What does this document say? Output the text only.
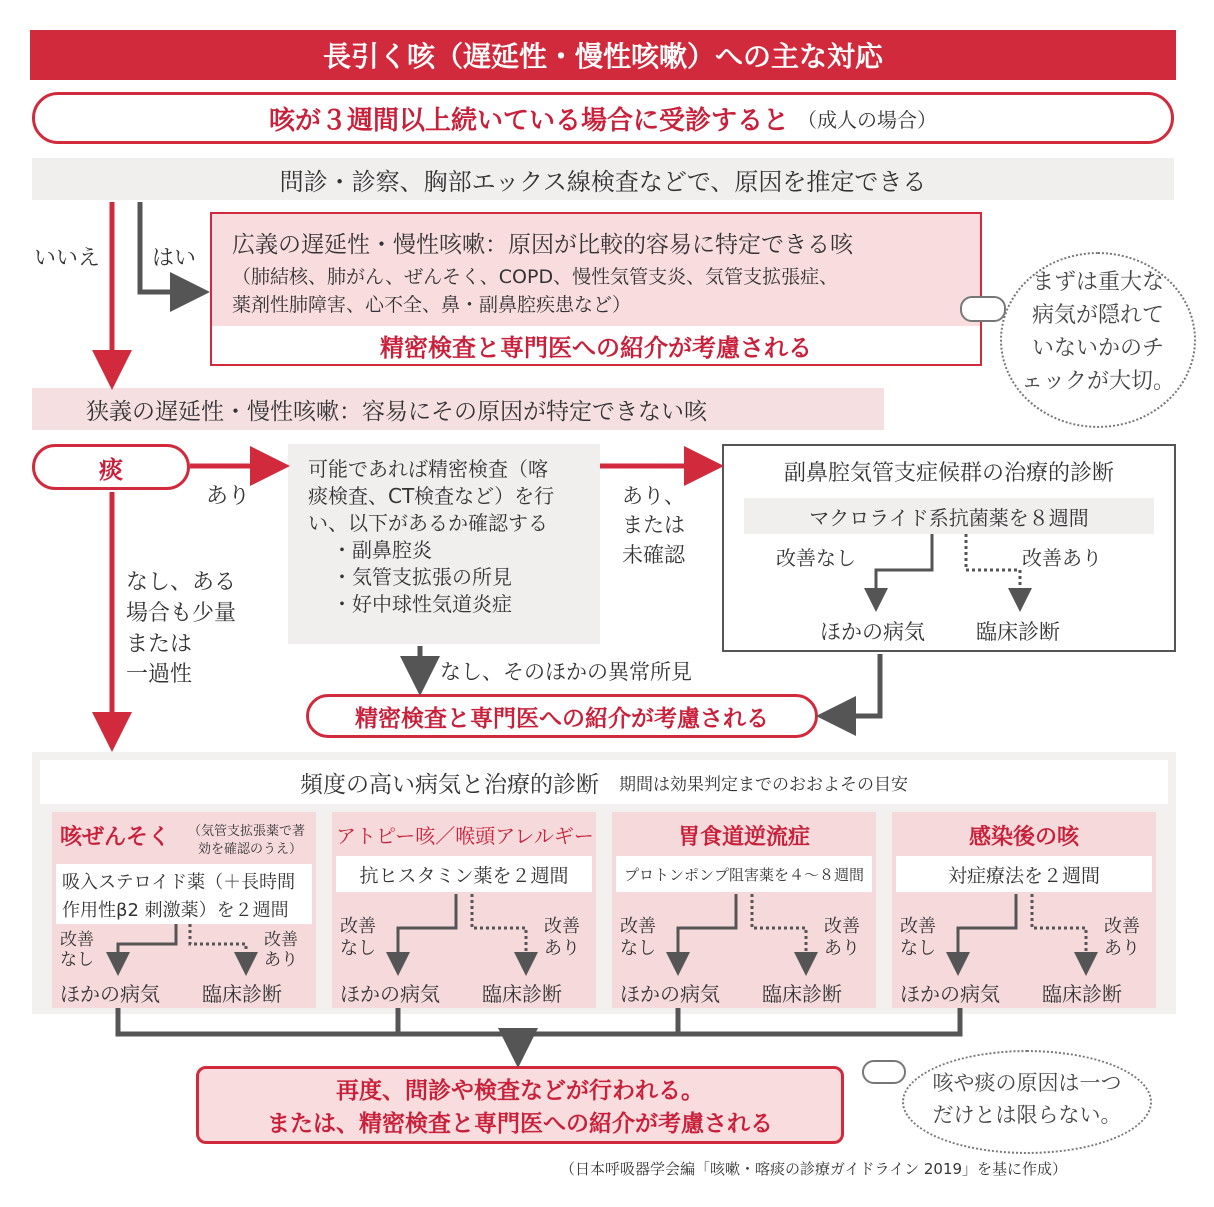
長引く咳（遅延性・慢性咳嗽）への主な対応
咳が３週間以上続いている場合に受診すると （成人の場合）
問診・診察、胸部エックス線検査などで、原因を推定できる
いいえ はい
広義の遅延性・慢性咳嗽：原因が比較的容易に特定できる咳
（肺結核、肺がん、ぜんそく、COPD、慢性気管支炎、気管支拡張症、
薬剤性肺障害、心不全、鼻・副鼻腔疾患など）
精密検査と専門医への紹介が考慮される
まずは重大な
病気が隠れて
いないかのチ
ェックが大切。
狭義の遅延性・慢性咳嗽：容易にその原因が特定できない咳
痰
あり
なし、ある
場合も少量
または
一過性
可能であれば精密検査（喀
痰検査、CT検査など）を行
い、以下があるか確認する
・副鼻腔炎
・気管支拡張の所見
・好中球性気道炎症
あり、
または
未確認
なし、そのほかの異常所見
副鼻腔気管支症候群の治療的診断
マクロライド系抗菌薬を８週間
改善なし	改善あり
ほかの病気 臨床診断
精密検査と専門医への紹介が考慮される
頻度の高い病気と治療的診断 期間は効果判定までのおおよその目安
咳ぜんそく （気管支拡張薬で著
効を確認のうえ）
吸入ステロイド薬（＋長時間
作用性β2 刺激薬）を２週間
改善
なし
改善
あり
ほかの病気 臨床診断
アトピー咳／喉頭アレルギー
抗ヒスタミン薬を２週間
改善
なし
改善
あり
ほかの病気 臨床診断
胃食道逆流症
プロトンポンプ阻害薬を４～８週間
改善
なし
改善
あり
ほかの病気 臨床診断
感染後の咳
対症療法を２週間
改善
なし
改善
あり
ほかの病気 臨床診断
再度、問診や検査などが行われる。
または、精密検査と専門医への紹介が考慮される
咳や痰の原因は一つ
だけとは限らない。
（日本呼吸器学会編「咳嗽・喀痰の診療ガイドライン 2019」を基に作成）
